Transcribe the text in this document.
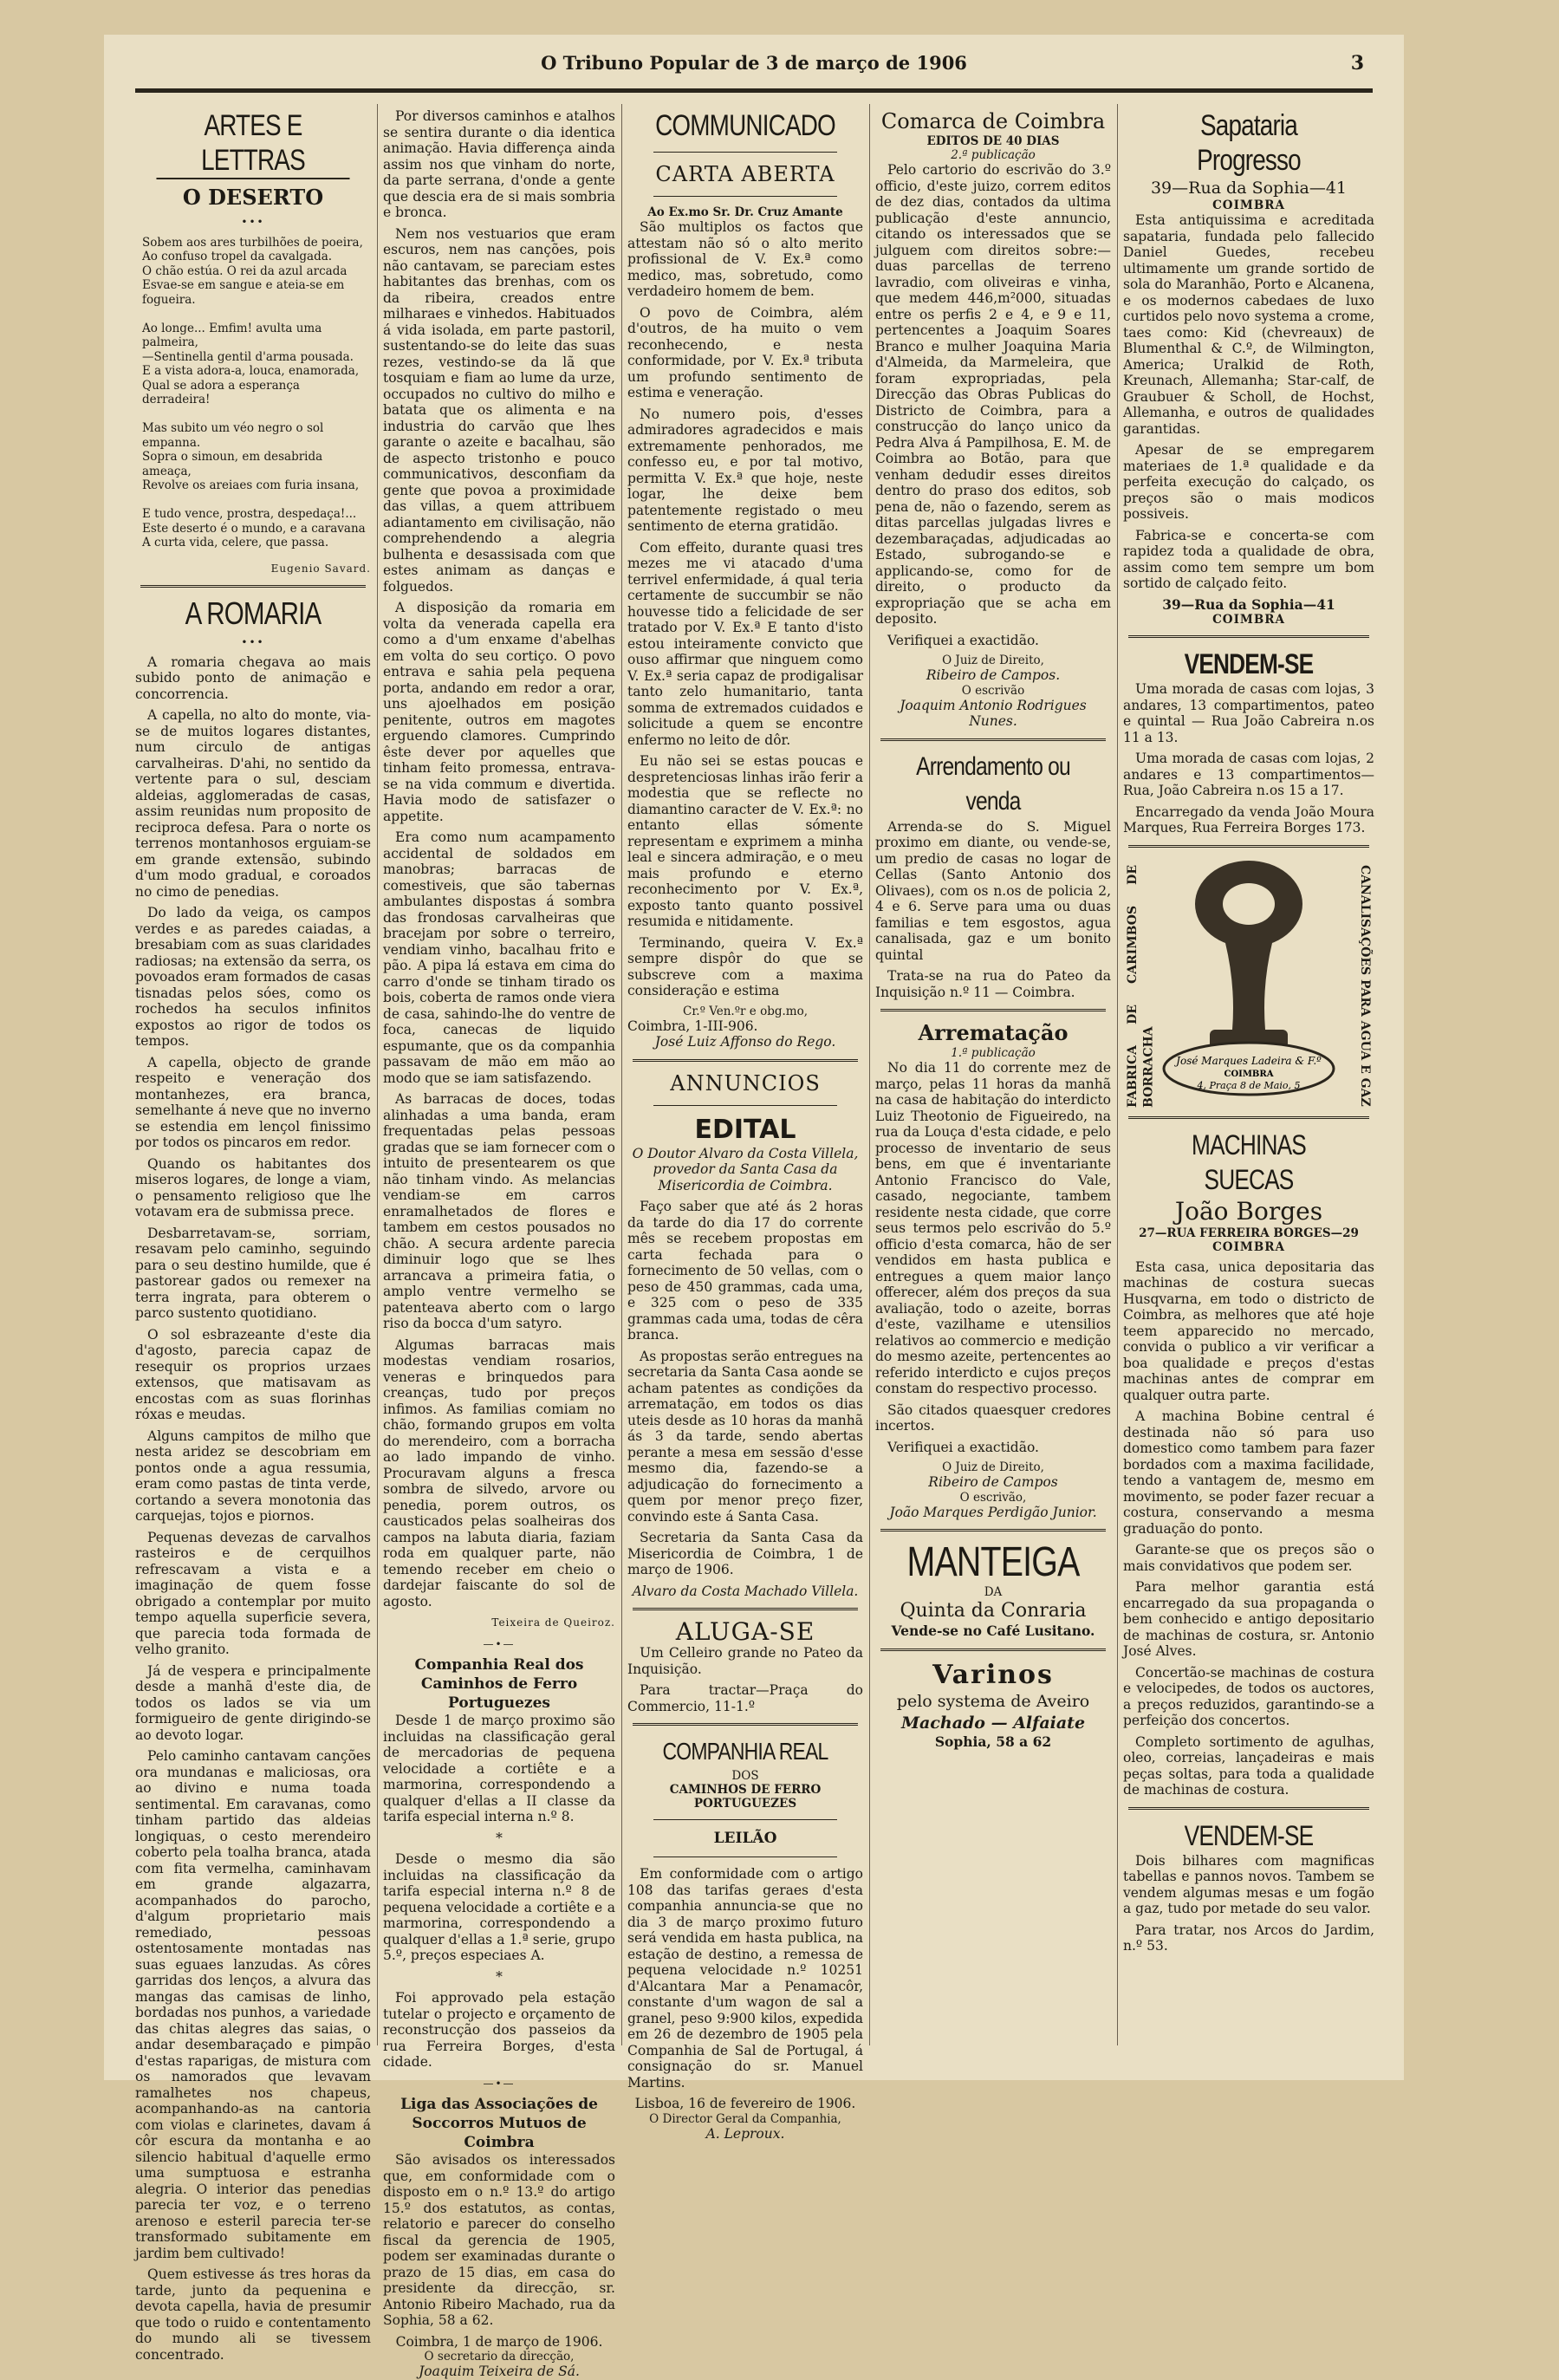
O Tribuno Popular de 3 de março de 1906	3
ARTES E LETTRAS
O DESERTO
•••
Sobem aos ares turbilhões de poeira,
Ao confuso tropel da cavalgada.
O chão estúa. O rei da azul arcada
Esvae-se em sangue e ateia-se em fogueira.

Ao longe... Emfim! avulta uma palmeira,
—Sentinella gentil d'arma pousada.
E a vista adora-a, louca, enamorada,
Qual se adora a esperança derradeira!

Mas subito um véo negro o sol empanna.
Sopra o simoun, em desabrida ameaça,
Revolve os areiaes com furia insana,

E tudo vence, prostra, despedaça!...
Este deserto é o mundo, e a caravana
A curta vida, celere, que passa.
Eugenio Savard.
A ROMARIA
•••

A romaria chegava ao mais subido ponto de animação e concorrencia.

A capella, no alto do monte, via-se de muitos logares distantes, num circulo de antigas carvalheiras. D'ahi, no sentido da vertente para o sul, desciam aldeias, agglomeradas de casas, assim reunidas num proposito de reciproca defesa. Para o norte os terrenos montanhosos erguiam-se em grande extensão, subindo d'um modo gradual, e coroados no cimo de penedias.

Do lado da veiga, os campos verdes e as paredes caiadas, a bresabiam com as suas claridades radiosas; na extensão da serra, os povoados eram formados de casas tisnadas pelos sóes, como os rochedos ha seculos infinitos expostos ao rigor de todos os tempos.

A capella, objecto de grande respeito e veneração dos montanhezes, era branca, semelhante á neve que no inverno se estendia em lençol finissimo por todos os pincaros em redor.

Quando os habitantes dos miseros logares, de longe a viam, o pensamento religioso que lhe votavam era de submissa prece.

Desbarretavam-se, sorriam, resavam pelo caminho, seguindo para o seu destino humilde, que é pastorear gados ou remexer na terra ingrata, para obterem o parco sustento quotidiano.

O sol esbrazeante d'este dia d'agosto, parecia capaz de resequir os proprios urzaes extensos, que matisavam as encostas com as suas florinhas róxas e meudas.

Alguns campitos de milho que nesta aridez se descobriam em pontos onde a agua ressumia, eram como pastas de tinta verde, cortando a severa monotonia das carquejas, tojos e piornos.

Pequenas devezas de carvalhos rasteiros e de cerquilhos refrescavam a vista e a imaginação de quem fosse obrigado a contemplar por muito tempo aquella superficie severa, que parecia toda formada de velho granito.

Já de vespera e principalmente desde a manhã d'este dia, de todos os lados se via um formigueiro de gente dirigindo-se ao devoto logar.

Pelo caminho cantavam canções ora mundanas e maliciosas, ora ao divino e numa toada sentimental. Em caravanas, como tinham partido das aldeias longiquas, o cesto merendeiro coberto pela toalha branca, atada com fita vermelha, caminhavam em grande algazarra, acompanhados do parocho, d'algum proprietario mais remediado, pessoas ostentosamente montadas nas suas eguaes lanzudas. As côres garridas dos lenços, a alvura das mangas das camisas de linho, bordadas nos punhos, a variedade das chitas alegres das saias, o andar desembaraçado e pimpão d'estas raparigas, de mistura com os namorados que levavam ramalhetes nos chapeus, acompanhando-as na cantoria com violas e clarinetes, davam á côr escura da montanha e ao silencio habitual d'aquelle ermo uma sumptuosa e estranha alegria. O interior das penedias parecia ter voz, e o terreno arenoso e esteril parecia ter-se transformado subitamente em jardim bem cultivado!

Quem estivesse ás tres horas da tarde, junto da pequenina e devota capella, havia de presumir que todo o ruido e contentamento do mundo ali se tivessem concentrado.

Por diversos caminhos e atalhos se sentira durante o dia identica animação. Havia differença ainda assim nos que vinham do norte, da parte serrana, d'onde a gente que descia era de si mais sombria e bronca.

Nem nos vestuarios que eram escuros, nem nas canções, pois não cantavam, se pareciam estes habitantes das brenhas, com os da ribeira, creados entre milharaes e vinhedos. Habituados á vida isolada, em parte pastoril, sustentando-se do leite das suas rezes, vestindo-se da lã que tosquiam e fiam ao lume da urze, occupados no cultivo do milho e batata que os alimenta e na industria do carvão que lhes garante o azeite e bacalhau, são de aspecto tristonho e pouco communicativos, desconfiam da gente que povoa a proximidade das villas, a quem attribuem adiantamento em civilisação, não comprehendendo a alegria bulhenta e desassisada com que estes animam as danças e folguedos.

A disposição da romaria em volta da venerada capella era como a d'um enxame d'abelhas em volta do seu cortiço. O povo entrava e sahia pela pequena porta, andando em redor a orar, uns ajoelhados em posição penitente, outros em magotes erguendo clamores. Cumprindo êste dever por aquelles que tinham feito promessa, entrava-se na vida commum e divertida. Havia modo de satisfazer o appetite.

Era como num acampamento accidental de soldados em manobras; barracas de comestiveis, que são tabernas ambulantes dispostas á sombra das frondosas carvalheiras que bracejam por sobre o terreiro, vendiam vinho, bacalhau frito e pão. A pipa lá estava em cima do carro d'onde se tinham tirado os bois, coberta de ramos onde viera de casa, sahindo-lhe do ventre de foca, canecas de liquido espumante, que os da companhia passavam de mão em mão ao modo que se iam satisfazendo.

As barracas de doces, todas alinhadas a uma banda, eram frequentadas pelas pessoas gradas que se iam fornecer com o intuito de presentearem os que não tinham vindo. As melancias vendiam-se em carros enramalhetados de flores e tambem em cestos pousados no chão. A secura ardente parecia diminuir logo que se lhes arrancava a primeira fatia, o amplo ventre vermelho se patenteava aberto com o largo riso da bocca d'um satyro.

Algumas barracas mais modestas vendiam rosarios, veneras e brinquedos para creanças, tudo por preços infimos. As familias comiam no chão, formando grupos em volta do merendeiro, com a borracha ao lado impando de vinho. Procuravam alguns a fresca sombra de silvedo, arvore ou penedia, porem outros, os causticados pelas soalheiras dos campos na labuta diaria, faziam roda em qualquer parte, não temendo receber em cheio o dardejar faiscante do sol de agosto.

Teixeira de Queiroz.
—•—
Companhia Real dos Caminhos de Ferro Portuguezes

Desde 1 de março proximo são incluidas na classificação geral de mercadorias de pequena velocidade a cortiête e a marmorina, correspondendo a qualquer d'ellas a II classe da tarifa especial interna n.º 8.

*

Desde o mesmo dia são incluidas na classificação da tarifa especial interna n.º 8 de pequena velocidade a cortiête e a marmorina, correspondendo a qualquer d'ellas a 1.ª serie, grupo 5.º, preços especiaes A.

*

Foi approvado pela estação tutelar o projecto e orçamento de reconstrucção dos passeios da rua Ferreira Borges, d'esta cidade.

—•—
Liga das Associações de Soccorros Mutuos de Coimbra

São avisados os interessados que, em conformidade com o disposto em o n.º 13.º do artigo 15.º dos estatutos, as contas, relatorio e parecer do conselho fiscal da gerencia de 1905, podem ser examinadas durante o prazo de 15 dias, em casa do presidente da direcção, sr. Antonio Ribeiro Machado, rua da Sophia, 58 a 62.

Coimbra, 1 de março de 1906.
O secretario da direcção,
Joaquim Teixeira de Sá.
COMMUNICADO
CARTA ABERTA
Ao Ex.mo Sr. Dr. Cruz Amante

São multiplos os factos que attestam não só o alto merito profissional de V. Ex.ª como medico, mas, sobretudo, como verdadeiro homem de bem.

O povo de Coimbra, além d'outros, de ha muito o vem reconhecendo, e nesta conformidade, por V. Ex.ª tributa um profundo sentimento de estima e veneração.

No numero pois, d'esses admiradores agradecidos e mais extremamente penhorados, me confesso eu, e por tal motivo, permitta V. Ex.ª que hoje, neste logar, lhe deixe bem patentemente registado o meu sentimento de eterna gratidão.

Com effeito, durante quasi tres mezes me vi atacado d'uma terrivel enfermidade, á qual teria certamente de succumbir se não houvesse tido a felicidade de ser tratado por V. Ex.ª E tanto d'isto estou inteiramente convicto que ouso affirmar que ninguem como V. Ex.ª seria capaz de prodigalisar tanto zelo humanitario, tanta somma de extremados cuidados e solicitude a quem se encontre enfermo no leito de dôr.

Eu não sei se estas poucas e despretenciosas linhas irão ferir a modestia que se reflecte no diamantino caracter de V. Ex.ª: no entanto ellas sómente representam e exprimem a minha leal e sincera admiração, e o meu mais profundo e eterno reconhecimento por V. Ex.ª, exposto tanto quanto possivel resumida e nitidamente.

Terminando, queira V. Ex.ª sempre dispôr do que se subscreve com a maxima consideração e estima

Cr.º Ven.ºr e obg.mo,
Coimbra, 1-III-906.
José Luiz Affonso do Rego.
ANNUNCIOS
EDITAL
O Doutor Alvaro da Costa Villela, provedor da Santa Casa da Misericordia de Coimbra.

Faço saber que até ás 2 horas da tarde do dia 17 do corrente mês se recebem propostas em carta fechada para o fornecimento de 50 vellas, com o peso de 450 grammas, cada uma, e 325 com o peso de 335 grammas cada uma, todas de cêra branca.

As propostas serão entregues na secretaria da Santa Casa aonde se acham patentes as condições da arrematação, em todos os dias uteis desde as 10 horas da manhã ás 3 da tarde, sendo abertas perante a mesa em sessão d'esse mesmo dia, fazendo-se a adjudicação do fornecimento a quem por menor preço fizer, convindo este á Santa Casa.

Secretaria da Santa Casa da Misericordia de Coimbra, 1 de março de 1906.

Alvaro da Costa Machado Villela.
ALUGA-SE

Um Celleiro grande no Pateo da Inquisição.

Para tractar—Praça do Commercio, 11-1.º

COMPANHIA REAL
DOS
CAMINHOS DE FERRO PORTUGUEZES
LEILÃO

Em conformidade com o artigo 108 das tarifas geraes d'esta companhia annuncia-se que no dia 3 de março proximo futuro será vendida em hasta publica, na estação de destino, a remessa de pequena velocidade n.º 10251 d'Alcantara Mar a Penamacôr, constante d'um wagon de sal a granel, peso 9:900 kilos, expedida em 26 de dezembro de 1905 pela Companhia de Sal de Portugal, á consignação do sr. Manuel Martins.

Lisboa, 16 de fevereiro de 1906.
O Director Geral da Companhia,
A. Leproux.
Comarca de Coimbra
EDITOS DE 40 DIAS
2.ª publicação

Pelo cartorio do escrivão do 3.º officio, d'este juizo, correm editos de dez dias, contados da ultima publicação d'este annuncio, citando os interessados que se julguem com direitos sobre:—duas parcellas de terreno lavradio, com oliveiras e vinha, que medem 446,m²000, situadas entre os perfis 2 e 4, e 9 e 11, pertencentes a Joaquim Soares Branco e mulher Joaquina Maria d'Almeida, da Marmeleira, que foram expropriadas, pela Direcção das Obras Publicas do Districto de Coimbra, para a construcção do lanço unico da Pedra Alva á Pampilhosa, E. M. de Coimbra ao Botão, para que venham dedudir esses direitos dentro do praso dos editos, sob pena de, não o fazendo, serem as ditas parcellas julgadas livres e dezembaraçadas, adjudicadas ao Estado, subrogando-se e applicando-se, como for de direito, o producto da expropriação que se acha em deposito.

Verifiquei a exactidão.

O Juiz de Direito,
Ribeiro de Campos.
O escrivão
Joaquim Antonio Rodrigues Nunes.
Arrendamento ou venda

Arrenda-se do S. Miguel proximo em diante, ou vende-se, um predio de casas no logar de Cellas (Santo Antonio dos Olivaes), com os n.os de policia 2, 4 e 6. Serve para uma ou duas familias e tem esgostos, agua canalisada, gaz e um bonito quintal

Trata-se na rua do Pateo da Inquisição n.º 11 — Coimbra.

Arrematação
1.ª publicação

No dia 11 do corrente mez de março, pelas 11 horas da manhã na casa de habitação do interdicto Luiz Theotonio de Figueiredo, na rua da Louça d'esta cidade, e pelo processo de inventario de seus bens, em que é inventariante Antonio Francisco do Vale, casado, negociante, tambem residente nesta cidade, que corre seus termos pelo escrivão do 5.º officio d'esta comarca, hão de ser vendidos em hasta publica e entregues a quem maior lanço offerecer, além dos preços da sua avaliação, todo o azeite, borras d'este, vazilhame e utensilios relativos ao commercio e medição do mesmo azeite, pertencentes ao referido interdicto e cujos preços constam do respectivo processo.

São citados quaesquer credores incertos.

Verifiquei a exactidão.

O Juiz de Direito,
Ribeiro de Campos
O escrivão,
João Marques Perdigão Junior.
MANTEIGA
DA
Quinta da Conraria
Vende-se no Café Lusitano.
Varinos
pelo systema de Aveiro
Machado — Alfaiate
Sophia, 58 a 62
Sapataria Progresso
39—Rua da Sophia—41
COIMBRA

Esta antiquissima e acreditada sapataria, fundada pelo fallecido Daniel Guedes, recebeu ultimamente um grande sortido de sola do Maranhão, Porto e Alcanena, e os modernos cabedaes de luxo curtidos pelo novo systema a crome, taes como: Kid (chevreaux) de Blumenthal & C.º, de Wilmington, America; Uralkid de Roth, Kreunach, Allemanha; Star-calf, de Graubuer & Scholl, de Hochst, Allemanha, e outros de qualidades garantidas.

Apesar de se empregarem materiaes de 1.ª qualidade e da perfeita execução do calçado, os preços são o mais modicos possiveis.

Fabrica-se e concerta-se com rapidez toda a qualidade de obra, assim como tem sempre um bom sortido de calçado feito.

39—Rua da Sophia—41
COIMBRA
VENDEM-SE

Uma morada de casas com lojas, 3 andares, 13 compartimentos, pateo e quintal — Rua João Cabreira n.os 11 a 13.

Uma morada de casas com lojas, 2 andares e 13 compartimentos— Rua, João Cabreira n.os 15 a 17.

Encarregado da venda João Moura Marques, Rua Ferreira Borges 173.

FABRICA DE CARIMBOS DE BORRACHA	CANALISAÇÕES PARA AGUA E GAZ
José Marques Ladeira & F.º
COIMBRA
4, Praça 8 de Maio, 5
MACHINAS SUECAS
João Borges
27—RUA FERREIRA BORGES—29
COIMBRA

Esta casa, unica depositaria das machinas de costura suecas Husqvarna, em todo o districto de Coimbra, as melhores que até hoje teem apparecido no mercado, convida o publico a vir verificar a boa qualidade e preços d'estas machinas antes de comprar em qualquer outra parte.

A machina Bobine central é destinada não só para uso domestico como tambem para fazer bordados com a maxima facilidade, tendo a vantagem de, mesmo em movimento, se poder fazer recuar a costura, conservando a mesma graduação do ponto.

Garante-se que os preços são o mais convidativos que podem ser.

Para melhor garantia está encarregado da sua propaganda o bem conhecido e antigo depositario de machinas de costura, sr. Antonio José Alves.

Concertão-se machinas de costura e velocipedes, de todos os auctores, a preços reduzidos, garantindo-se a perfeição dos concertos.

Completo sortimento de agulhas, oleo, correias, lançadeiras e mais peças soltas, para toda a qualidade de machinas de costura.

VENDEM-SE

Dois bilhares com magnificas tabellas e pannos novos. Tambem se vendem algumas mesas e um fogão a gaz, tudo por metade do seu valor.

Para tratar, nos Arcos do Jardim, n.º 53.
